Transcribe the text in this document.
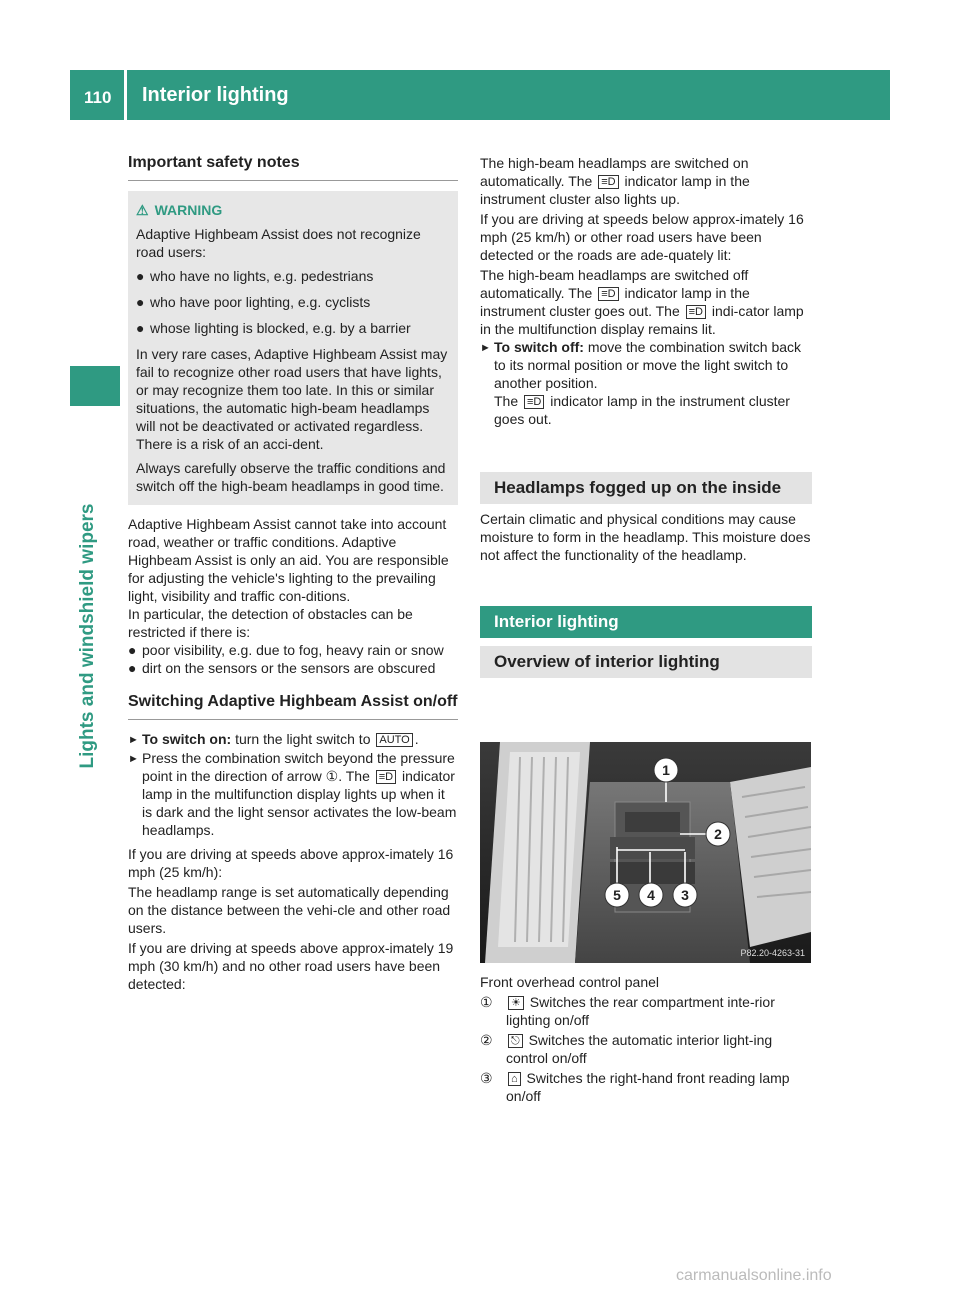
110 Interior lighting
Lights and windshield wipers
Important safety notes
⚠ WARNING

Adaptive Highbeam Assist does not recognize road users:

● who have no lights, e.g. pedestrians
● who have poor lighting, e.g. cyclists
● whose lighting is blocked, e.g. by a barrier

In very rare cases, Adaptive Highbeam Assist may fail to recognize other road users that have lights, or may recognize them too late. In this or similar situations, the automatic high-beam headlamps will not be deactivated or activated regardless. There is a risk of an acci-dent.

Always carefully observe the traffic conditions and switch off the high-beam headlamps in good time.

Adaptive Highbeam Assist cannot take into account road, weather or traffic conditions. Adaptive Highbeam Assist is only an aid. You are responsible for adjusting the vehicle's lighting to the prevailing light, visibility and traffic con-ditions.

In particular, the detection of obstacles can be restricted if there is:

● poor visibility, e.g. due to fog, heavy rain or snow
● dirt on the sensors or the sensors are obscured
Switching Adaptive Highbeam Assist on/off
► To switch on: turn the light switch to AUTO .
► Press the combination switch beyond the pressure point in the direction of arrow ①. The ≡D indicator lamp in the multifunction display lights up when it is dark and the light sensor activates the low-beam headlamps.

If you are driving at speeds above approx-imately 16 mph (25 km/h):

The headlamp range is set automatically depending on the distance between the vehi-cle and other road users.

If you are driving at speeds above approx-imately 19 mph (30 km/h) and no other road users have been detected:

The high-beam headlamps are switched on automatically. The ≡D indicator lamp in the instrument cluster also lights up.

If you are driving at speeds below approx-imately 16 mph (25 km/h) or other road users have been detected or the roads are ade-quately lit:

The high-beam headlamps are switched off automatically. The ≡D indicator lamp in the instrument cluster goes out. The ≡D indi-cator lamp in the multifunction display remains lit.

► To switch off: move the combination switch back to its normal position or move the light switch to another position.
The ≡D indicator lamp in the instrument cluster goes out.
Headlamps fogged up on the inside

Certain climatic and physical conditions may cause moisture to form in the headlamp. This moisture does not affect the functionality of the headlamp.

Interior lighting
Overview of interior lighting
1
2
3
4
5
P82.20-4263-31

Front overhead control panel

①	☀ Switches the rear compartment inte-rior lighting on/off
②	⎋ Switches the automatic interior light-ing control on/off
③	⌂ Switches the right-hand front reading lamp on/off
carmanualsonline.info
